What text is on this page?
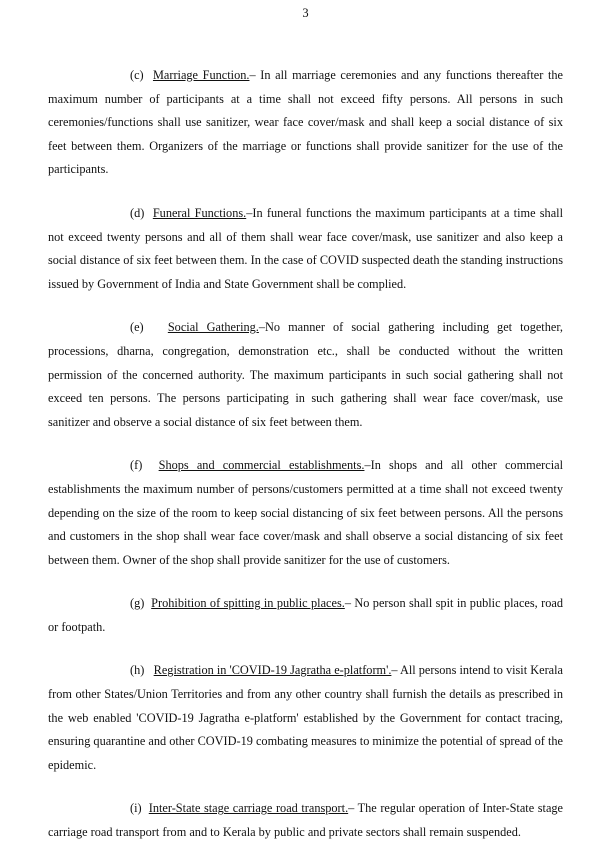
3

(c) Marriage Function.– In all marriage ceremonies and any functions thereafter the maximum number of participants at a time shall not exceed fifty persons. All persons in such ceremonies/functions shall use sanitizer, wear face cover/mask and shall keep a social distance of six feet between them. Organizers of the marriage or functions shall provide sanitizer for the use of the participants.

(d) Funeral Functions.–In funeral functions the maximum participants at a time shall not exceed twenty persons and all of them shall wear face cover/mask, use sanitizer and also keep a social distance of six feet between them. In the case of COVID suspected death the standing instructions issued by Government of India and State Government shall be complied.

(e) Social Gathering.–No manner of social gathering including get together, processions, dharna, congregation, demonstration etc., shall be conducted without the written permission of the concerned authority. The maximum participants in such social gathering shall not exceed ten persons. The persons participating in such gathering shall wear face cover/mask, use sanitizer and observe a social distance of six feet between them.

(f) Shops and commercial establishments.–In shops and all other commercial establishments the maximum number of persons/customers permitted at a time shall not exceed twenty depending on the size of the room to keep social distancing of six feet between persons. All the persons and customers in the shop shall wear face cover/mask and shall observe a social distancing of six feet between them. Owner of the shop shall provide sanitizer for the use of customers.

(g) Prohibition of spitting in public places.– No person shall spit in public places, road or footpath.

(h) Registration in 'COVID-19 Jagratha e-platform'.– All persons intend to visit Kerala from other States/Union Territories and from any other country shall furnish the details as prescribed in the web enabled 'COVID-19 Jagratha e-platform' established by the Government for contact tracing, ensuring quarantine and other COVID-19 combating measures to minimize the potential of spread of the epidemic.

(i) Inter-State stage carriage road transport.– The regular operation of Inter-State stage carriage road transport from and to Kerala by public and private sectors shall remain suspended.
